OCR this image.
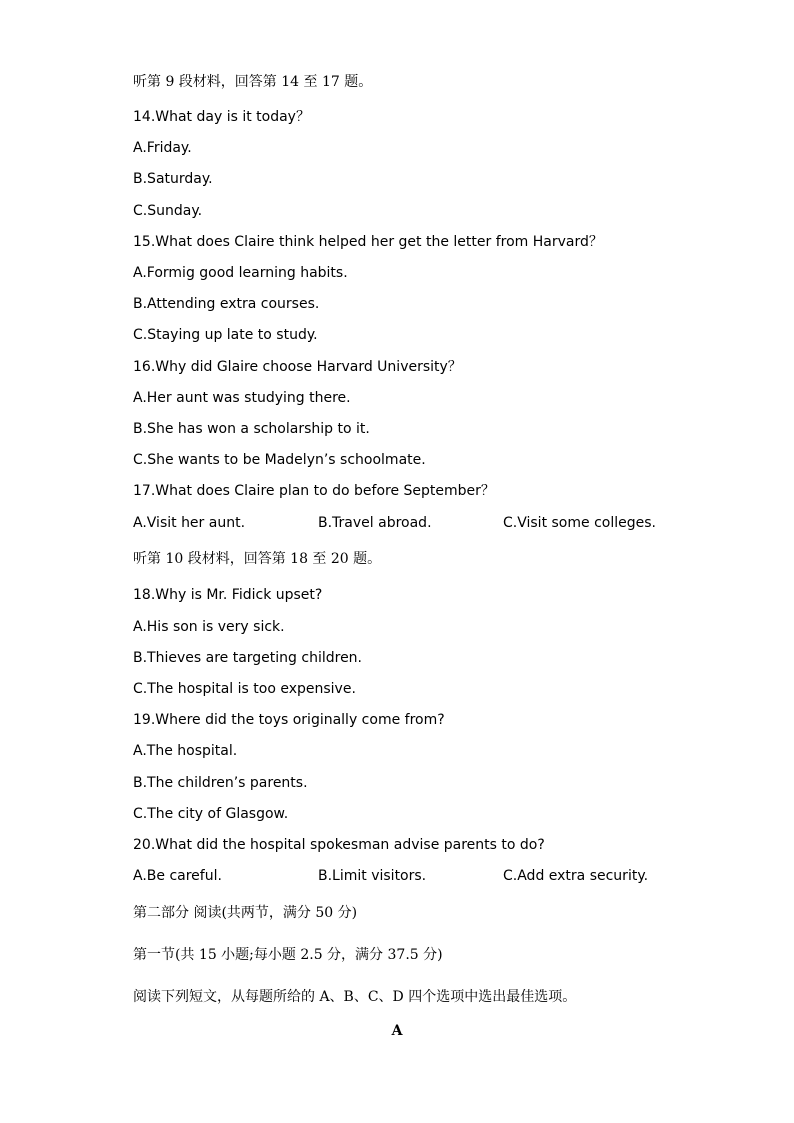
听第 9 段材料，回答第 14 至 17 题。
14.What day is it today？
A.Friday.
B.Saturday.
C.Sunday.
15.What does Claire think helped her get the letter from Harvard？
A.Formig good learning habits.
B.Attending extra courses.
C.Staying up late to study.
16.Why did Glaire choose Harvard University？
A.Her aunt was studying there.
B.She has won a scholarship to it.
C.She wants to be Madelyn’s schoolmate.
17.What does Claire plan to do before September？
A.Visit her aunt.	B.Travel abroad.	C.Visit some colleges.
听第 10 段材料，回答第 18 至 20 题。
18.Why is Mr. Fidick upset?
A.His son is very sick.
B.Thieves are targeting children.
C.The hospital is too expensive.
19.Where did the toys originally come from?
A.The hospital.
B.The children’s parents.
C.The city of Glasgow.
20.What did the hospital spokesman advise parents to do?
A.Be careful.	B.Limit visitors.	C.Add extra security.
第二部分 阅读(共两节，满分 50 分)
第一节(共 15 小题;每小题 2.5 分，满分 37.5 分)
阅读下列短文，从每题所给的 A、B、C、D 四个选项中选出最佳选项。
A
